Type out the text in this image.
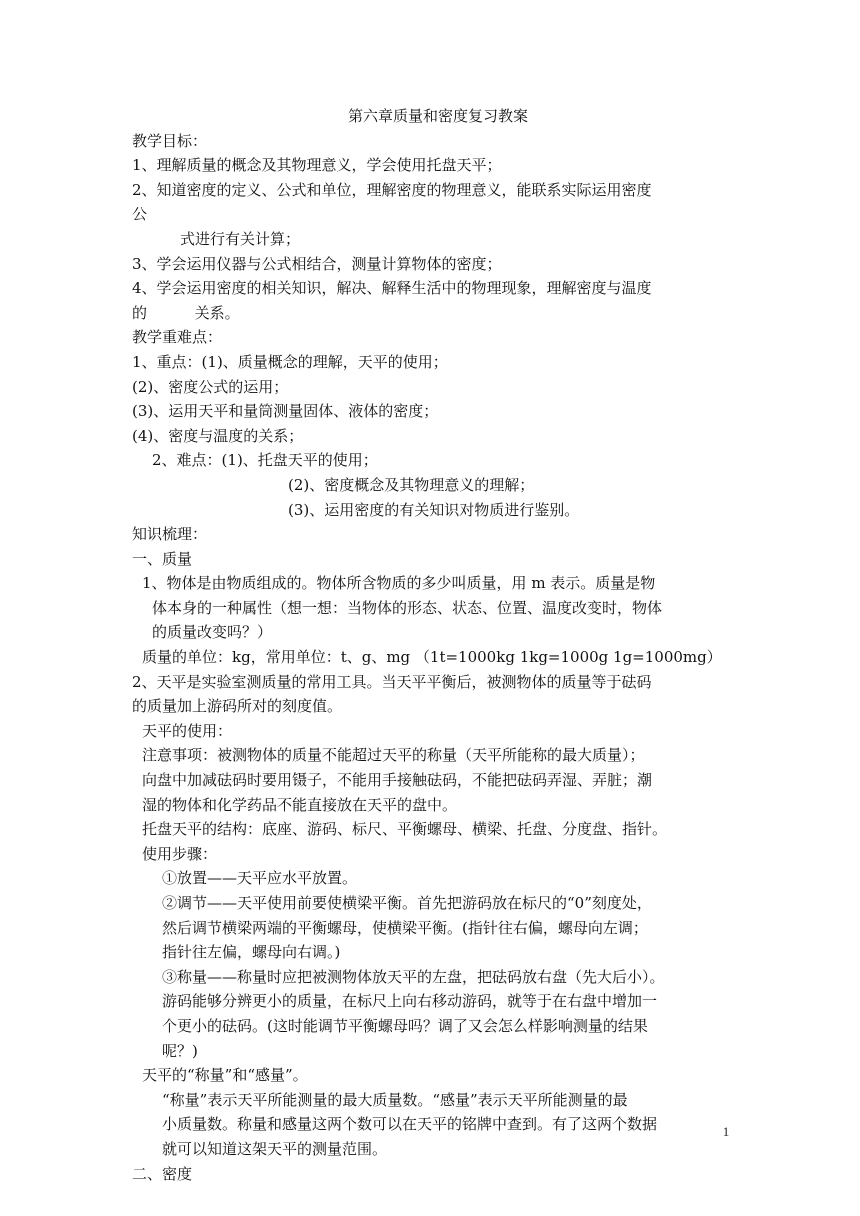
第六章质量和密度复习教案
教学目标：
1、理解质量的概念及其物理意义，学会使用托盘天平；
2、知道密度的定义、公式和单位，理解密度的物理意义，能联系实际运用密度
公
式进行有关计算；
3、学会运用仪器与公式相结合，测量计算物体的密度；
4、学会运用密度的相关知识，解决、解释生活中的物理现象，理解密度与温度
的          关系。
教学重难点：
1、重点：(1)、质量概念的理解，天平的使用；
(2)、密度公式的运用；
(3)、运用天平和量筒测量固体、液体的密度；
(4)、密度与温度的关系；
2、难点：(1)、托盘天平的使用；
(2)、密度概念及其物理意义的理解；
(3)、运用密度的有关知识对物质进行鉴别。
知识梳理：
一、质量
1、物体是由物质组成的。物体所含物质的多少叫质量，用 m 表示。质量是物
体本身的一种属性（想一想：当物体的形态、状态、位置、温度改变时，物体
的质量改变吗？）
质量的单位：kg，常用单位：t、g、mg （1t=1000kg 1kg=1000g 1g=1000mg）
2、天平是实验室测质量的常用工具。当天平平衡后，被测物体的质量等于砝码
的质量加上游码所对的刻度值。
天平的使用：
注意事项：被测物体的质量不能超过天平的称量（天平所能称的最大质量）；
向盘中加减砝码时要用镊子，不能用手接触砝码，不能把砝码弄湿、弄脏；潮
湿的物体和化学药品不能直接放在天平的盘中。
托盘天平的结构：底座、游码、标尺、平衡螺母、横梁、托盘、分度盘、指针。
使用步骤：
①放置——天平应水平放置。
②调节——天平使用前要使横梁平衡。首先把游码放在标尺的“0”刻度处，
然后调节横梁两端的平衡螺母，使横梁平衡。(指针往右偏，螺母向左调；
指针往左偏，螺母向右调。)
③称量——称量时应把被测物体放天平的左盘，把砝码放右盘（先大后小）。
游码能够分辨更小的质量，在标尺上向右移动游码，就等于在右盘中增加一
个更小的砝码。(这时能调节平衡螺母吗？调了又会怎么样影响测量的结果
呢？)
天平的“称量”和“感量”。
“称量”表示天平所能测量的最大质量数。“感量”表示天平所能测量的最
小质量数。称量和感量这两个数可以在天平的铭牌中查到。有了这两个数据
就可以知道这架天平的测量范围。
二、密度
1
